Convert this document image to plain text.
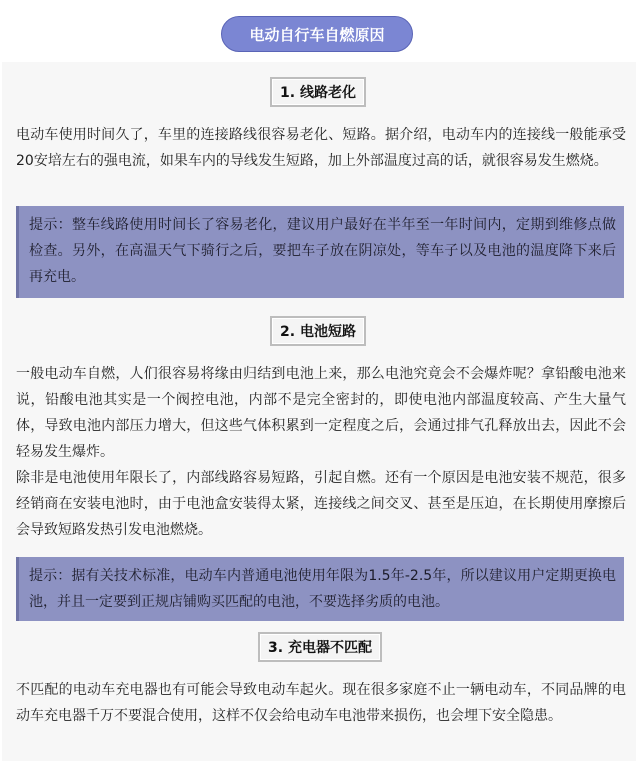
电动自行车自燃原因
1. 线路老化

电动车使用时间久了，车里的连接路线很容易老化、短路。据介绍，电动车内的连接线一般能承受20安培左右的强电流，如果车内的导线发生短路，加上外部温度过高的话，就很容易发生燃烧。

提示：整车线路使用时间长了容易老化，建议用户最好在半年至一年时间内，定期到维修点做检查。另外，在高温天气下骑行之后，要把车子放在阴凉处，等车子以及电池的温度降下来后再充电。
2. 电池短路

一般电动车自燃，人们很容易将缘由归结到电池上来，那么电池究竟会不会爆炸呢？拿铅酸电池来说，铅酸电池其实是一个阀控电池，内部不是完全密封的，即使电池内部温度较高、产生大量气体，导致电池内部压力增大，但这些气体积累到一定程度之后，会通过排气孔释放出去，因此不会轻易发生爆炸。

除非是电池使用年限长了，内部线路容易短路，引起自燃。还有一个原因是电池安装不规范，很多经销商在安装电池时，由于电池盒安装得太紧，连接线之间交叉、甚至是压迫，在长期使用摩擦后会导致短路发热引发电池燃烧。

提示：据有关技术标准，电动车内普通电池使用年限为1.5年-2.5年，所以建议用户定期更换电池，并且一定要到正规店铺购买匹配的电池，不要选择劣质的电池。
3. 充电器不匹配

不匹配的电动车充电器也有可能会导致电动车起火。现在很多家庭不止一辆电动车，不同品牌的电动车充电器千万不要混合使用，这样不仅会给电动车电池带来损伤，也会埋下安全隐患。
